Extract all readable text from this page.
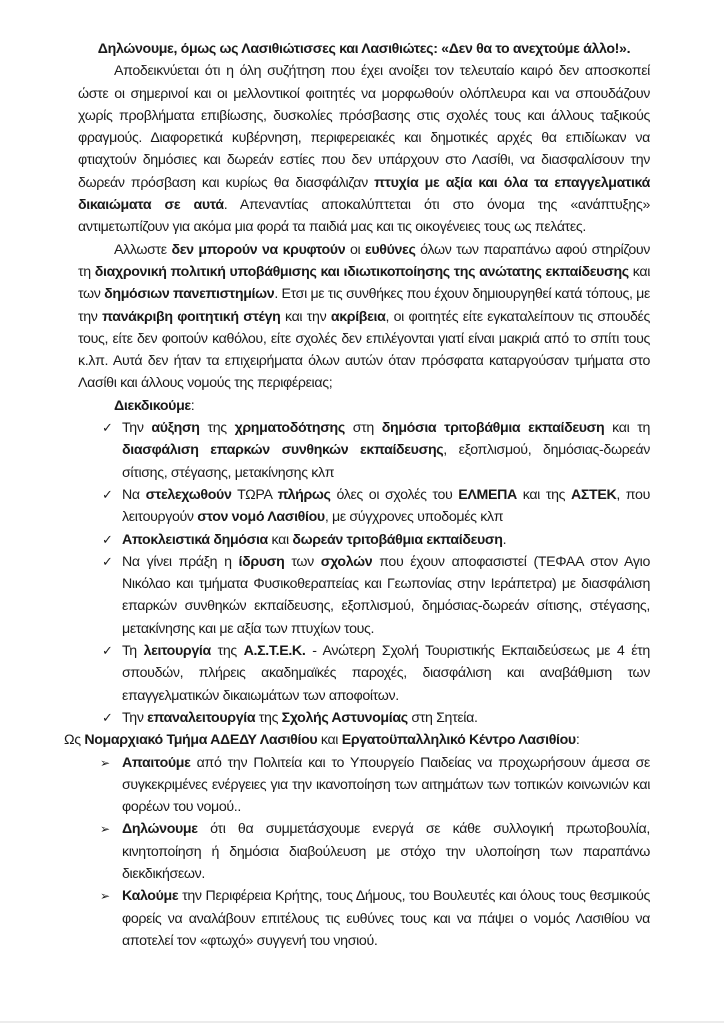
Δηλώνουμε, όμως ως Λασιθιώτισσες και Λασιθιώτες: «Δεν θα το ανεχτούμε άλλο!».

Αποδεικνύεται ότι η όλη συζήτηση που έχει ανοίξει τον τελευταίο καιρό δεν αποσκοπεί ώστε οι σημερινοί και οι μελλοντικοί φοιτητές να μορφωθούν ολόπλευρα και να σπουδάζουν χωρίς προβλήματα επιβίωσης, δυσκολίες πρόσβασης στις σχολές τους και άλλους ταξικούς φραγμούς. Διαφορετικά κυβέρνηση, περιφερειακές και δημοτικές αρχές θα επιδίωκαν να φτιαχτούν δημόσιες και δωρεάν εστίες που δεν υπάρχουν στο Λασίθι, να διασφαλίσουν την δωρεάν πρόσβαση και κυρίως θα διασφάλιζαν πτυχία με αξία και όλα τα επαγγελματικά δικαιώματα σε αυτά. Απεναντίας αποκαλύπτεται ότι στο όνομα της «ανάπτυξης» αντιμετωπίζουν για ακόμα μια φορά τα παιδιά μας και τις οικογένειες τους ως πελάτες.

Αλλωστε δεν μπορούν να κρυφτούν οι ευθύνες όλων των παραπάνω αφού στηρίζουν τη διαχρονική πολιτική υποβάθμισης και ιδιωτικοποίησης της ανώτατης εκπαίδευσης και των δημόσιων πανεπιστημίων. Ετσι με τις συνθήκες που έχουν δημιουργηθεί κατά τόπους, με την πανάκριβη φοιτητική στέγη και την ακρίβεια, οι φοιτητές είτε εγκαταλείπουν τις σπουδές τους, είτε δεν φοιτούν καθόλου, είτε σχολές δεν επιλέγονται γιατί είναι μακριά από το σπίτι τους κ.λπ. Αυτά δεν ήταν τα επιχειρήματα όλων αυτών όταν πρόσφατα καταργούσαν τμήματα στο Λασίθι και άλλους νομούς της περιφέρειας;

Διεκδικούμε:

✓ Την αύξηση της χρηματοδότησης στη δημόσια τριτοβάθμια εκπαίδευση και τη διασφάλιση επαρκών συνθηκών εκπαίδευσης, εξοπλισμού, δημόσιας-δωρεάν σίτισης, στέγασης, μετακίνησης κλπ
✓ Να στελεχωθούν ΤΩΡΑ πλήρως όλες οι σχολές του ΕΛΜΕΠΑ και της ΑΣΤΕΚ, που λειτουργούν στον νομό Λασιθίου, με σύγχρονες υποδομές κλπ
✓ Αποκλειστικά δημόσια και δωρεάν τριτοβάθμια εκπαίδευση.
✓ Να γίνει πράξη η ίδρυση των σχολών που έχουν αποφασιστεί (ΤΕΦΑΑ στον Αγιο Νικόλαο και τμήματα Φυσικοθεραπείας και Γεωπονίας στην Ιεράπετρα) με διασφάλιση επαρκών συνθηκών εκπαίδευσης, εξοπλισμού, δημόσιας-δωρεάν σίτισης, στέγασης, μετακίνησης και με αξία των πτυχίων τους.
✓ Τη λειτουργία της Α.Σ.Τ.Ε.Κ. - Ανώτερη Σχολή Τουριστικής Εκπαιδεύσεως με 4 έτη σπουδών, πλήρεις ακαδημαϊκές παροχές, διασφάλιση και αναβάθμιση των επαγγελματικών δικαιωμάτων των αποφοίτων.
✓ Την επαναλειτουργία της Σχολής Αστυνομίας στη Σητεία.

Ως Νομαρχιακό Τμήμα ΑΔΕΔΥ Λασιθίου και Εργατοϋπαλληλικό Κέντρο Λασιθίου:

➢ Απαιτούμε από την Πολιτεία και το Υπουργείο Παιδείας να προχωρήσουν άμεσα σε συγκεκριμένες ενέργειες για την ικανοποίηση των αιτημάτων των τοπικών κοινωνιών και φορέων του νομού..
➢ Δηλώνουμε ότι θα συμμετάσχουμε ενεργά σε κάθε συλλογική πρωτοβουλία, κινητοποίηση ή δημόσια διαβούλευση με στόχο την υλοποίηση των παραπάνω διεκδικήσεων.
➢ Καλούμε την Περιφέρεια Κρήτης, τους Δήμους, του Βουλευτές και όλους τους θεσμικούς φορείς να αναλάβουν επιτέλους τις ευθύνες τους και να πάψει ο νομός Λασιθίου να αποτελεί τον «φτωχό» συγγενή του νησιού.
